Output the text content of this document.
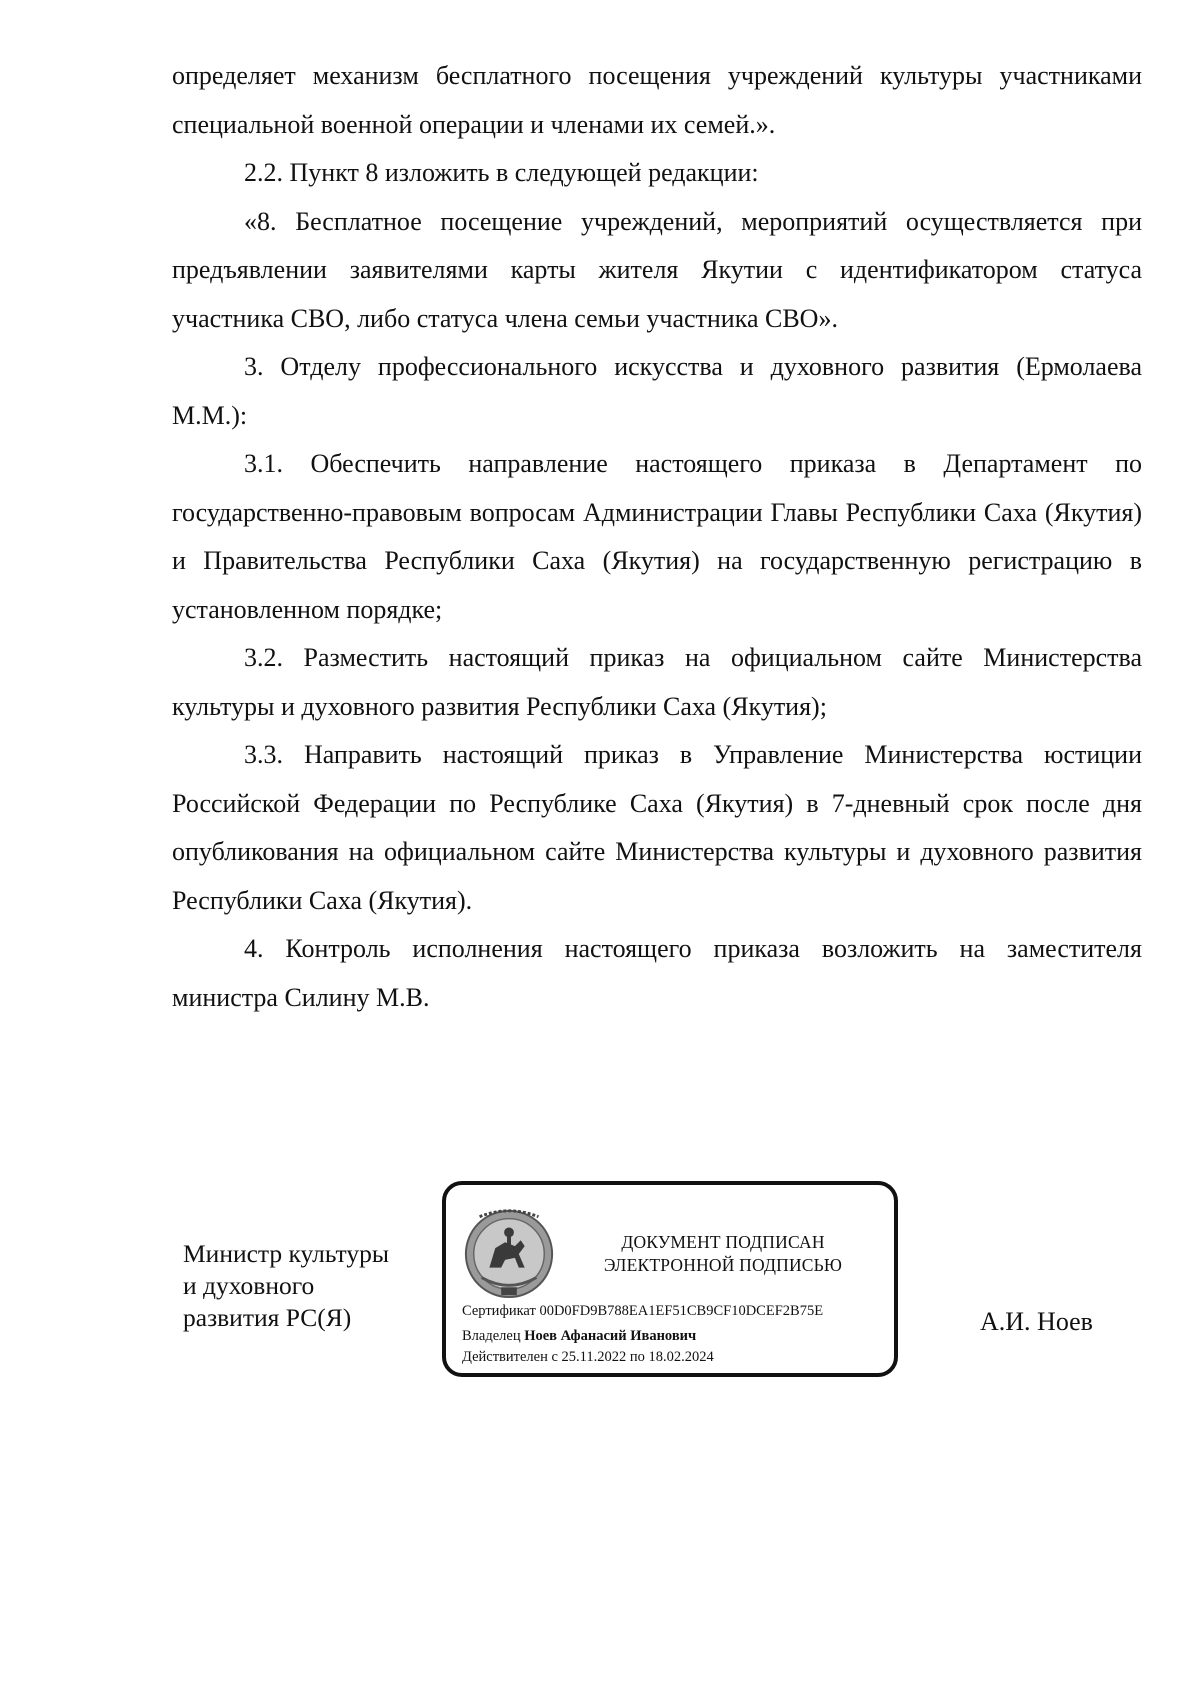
определяет механизм бесплатного посещения учреждений культуры участниками специальной военной операции и членами их семей.».

2.2. Пункт 8 изложить в следующей редакции:

«8. Бесплатное посещение учреждений, мероприятий осуществляется при предъявлении заявителями карты жителя Якутии с идентификатором статуса участника СВО, либо статуса члена семьи участника СВО».

3. Отделу профессионального искусства и духовного развития (Ермолаева М.М.):

3.1. Обеспечить направление настоящего приказа в Департамент по государственно-правовым вопросам Администрации Главы Республики Саха (Якутия) и Правительства Республики Саха (Якутия) на государственную регистрацию в установленном порядке;

3.2. Разместить настоящий приказ на официальном сайте Министерства культуры и духовного развития Республики Саха (Якутия);

3.3. Направить настоящий приказ в Управление Министерства юстиции Российской Федерации по Республике Саха (Якутия) в 7-дневный срок после дня опубликования на официальном сайте Министерства культуры и духовного развития Республики Саха (Якутия).

4. Контроль исполнения настоящего приказа возложить на заместителя министра Силину М.В.

Министр культуры
и духовного
развития РС(Я)
ДОКУМЕНТ ПОДПИСАН
ЭЛЕКТРОННОЙ ПОДПИСЬЮ
Сертификат 00D0FD9B788EA1EF51CB9CF10DCEF2B75E
Владелец Ноев Афанасий Иванович
Действителен с 25.11.2022 по 18.02.2024
А.И. Ноев
